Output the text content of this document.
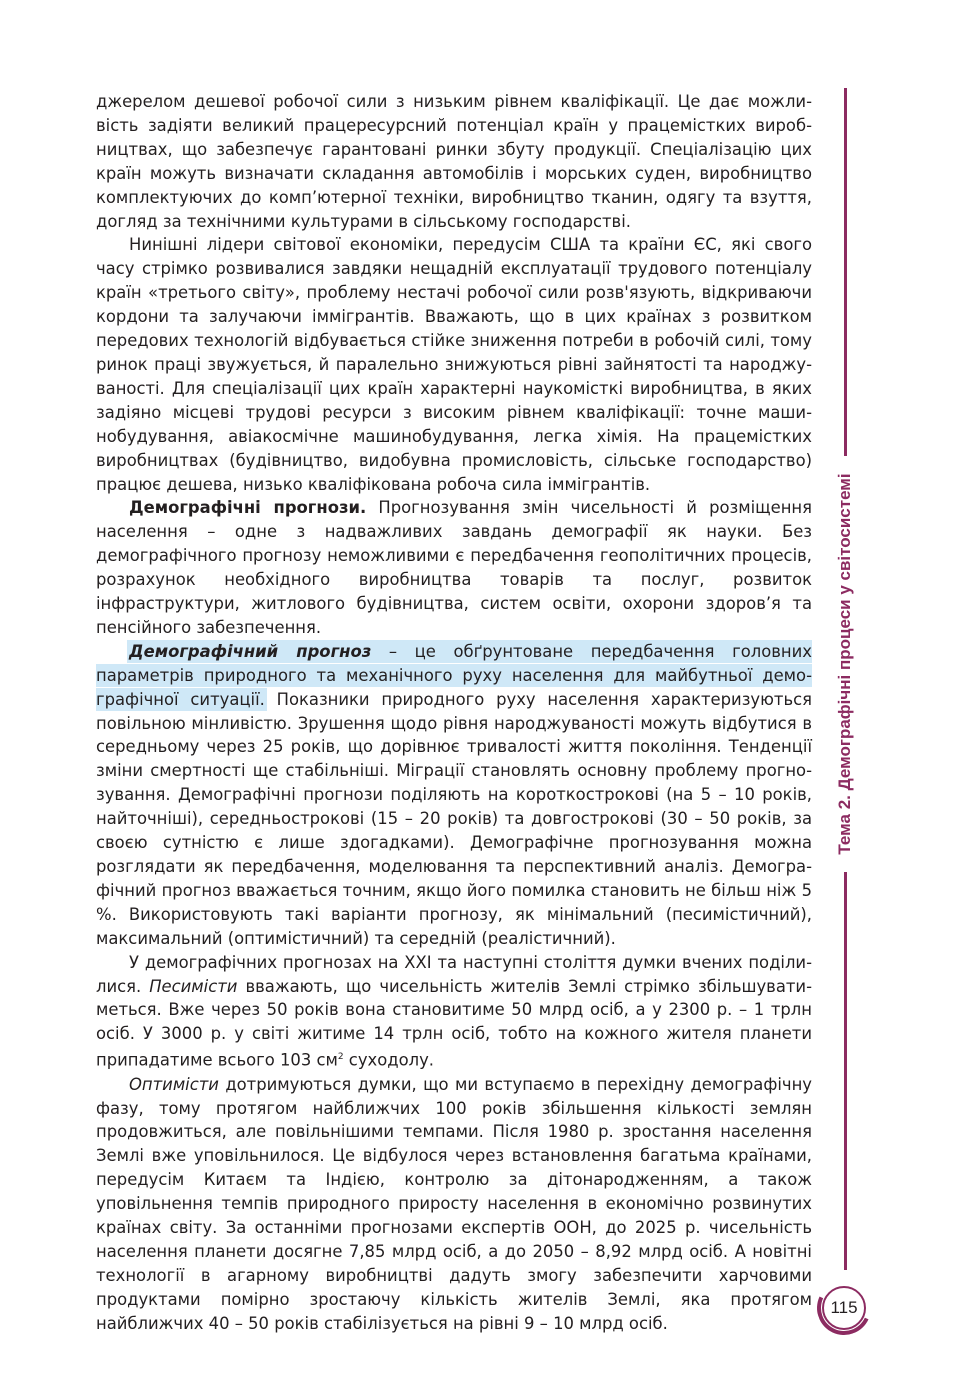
джерелом дешевої робочої сили з низьким рівнем кваліфікації. Це дає можливість задіяти великий працересурсний потенціал країн у працемістких виробництвах, що забезпечує гарантовані ринки збуту продукції. Спеціалізацію цих країн можуть визначати складання автомобілів і морських суден, виробництво комплектуючих до комп’ютерної техніки, виробництво тканин, одягу та взуття, догляд за технічними культурами в сільському господарстві.

Нинішні лідери світової економіки, передусім США та країни ЄС, які свого часу стрімко розвивалися завдяки нещадній експлуатації трудового потенціалу країн «третього світу», проблему нестачі робочої сили розв'язують, відкриваючи кордони та залучаючи іммігрантів. Вважають, що в цих країнах з розвитком передових технологій відбувається стійке зниження потреби в робочій силі, тому ринок праці звужується, й паралельно знижуються рівні зайнятості та народжуваності. Для спеціалізації цих країн характерні наукомісткі виробництва, в яких задіяно місцеві трудові ресурси з високим рівнем кваліфікації: точне машинобудування, авіакосмічне машинобудування, легка хімія. На працемістких виробництвах (будівництво, видобувна промисловість, сільське господарство) працює дешева, низько кваліфікована робоча сила іммігрантів.

Демографічні прогнози. Прогнозування змін чисельності й розміщення населення – одне з надважливих завдань демографії як науки. Без демографічного прогнозу неможливими є передбачення геополітичних процесів, розрахунок необхідного виробництва товарів та послуг, розвиток інфраструктури, житлового будівництва, систем освіти, охорони здоров’я та пенсійного забезпечення.

Демографічний прогноз – це обґрунтоване передбачення головних параметрів природного та механічного руху населення для майбутньої демографічної ситуації. Показники природного руху населення характеризуються повільною мінливістю. Зрушення щодо рівня народжуваності можуть відбутися в середньому через 25 років, що дорівнює тривалості життя покоління. Тенденції зміни смертності ще стабільніші. Міграції становлять основну проблему прогнозування. Демографічні прогнози поділяють на короткострокові (на 5 – 10 років, найточніші), середньострокові (15 – 20 років) та довгострокові (30 – 50 років, за своєю сутністю є лише здогадками). Демографічне прогнозування можна розглядати як передбачення, моделювання та перспективний аналіз. Демографічний прогноз вважається точним, якщо його помилка становить не більш ніж 5 %. Використовують такі варіанти прогнозу, як мінімальний (песимістичний), максимальний (оптимістичний) та середній (реалістичний).

У демографічних прогнозах на ХХІ та наступні століття думки вчених поділилися. Песимісти вважають, що чисельність жителів Землі стрімко збільшуватиметься. Вже через 50 років вона становитиме 50 млрд осіб, а у 2300 р. – 1 трлн осіб. У 3000 р. у світі житиме 14 трлн осіб, тобто на кожного жителя планети припадатиме всього 103 $см^2$ суходолу.

Оптимісти дотримуються думки, що ми вступаємо в перехідну демографічну фазу, тому протягом найближчих 100 років збільшення кількості землян продовжиться, але повільнішими темпами. Після 1980 р. зростання населення Землі вже уповільнилося. Це відбулося через встановлення багатьма країнами, передусім Китаєм та Індією, контролю за дітонародженням, а також уповільнення темпів природного приросту населення в економічно розвинутих країнах світу. За останніми прогнозами експертів ООН, до 2025 р. чисельність населення планети досягне 7,85 млрд осіб, а до 2050 – 8,92 млрд осіб. А новітні технології в агарному виробництві дадуть змогу забезпечити харчовими продуктами помірно зростаючу кількість жителів Землі, яка протягом найближчих 40 – 50 років стабілізується на рівні 9 – 10 млрд осіб.

Тема 2. Демографічні процеси у світосистемі
115
